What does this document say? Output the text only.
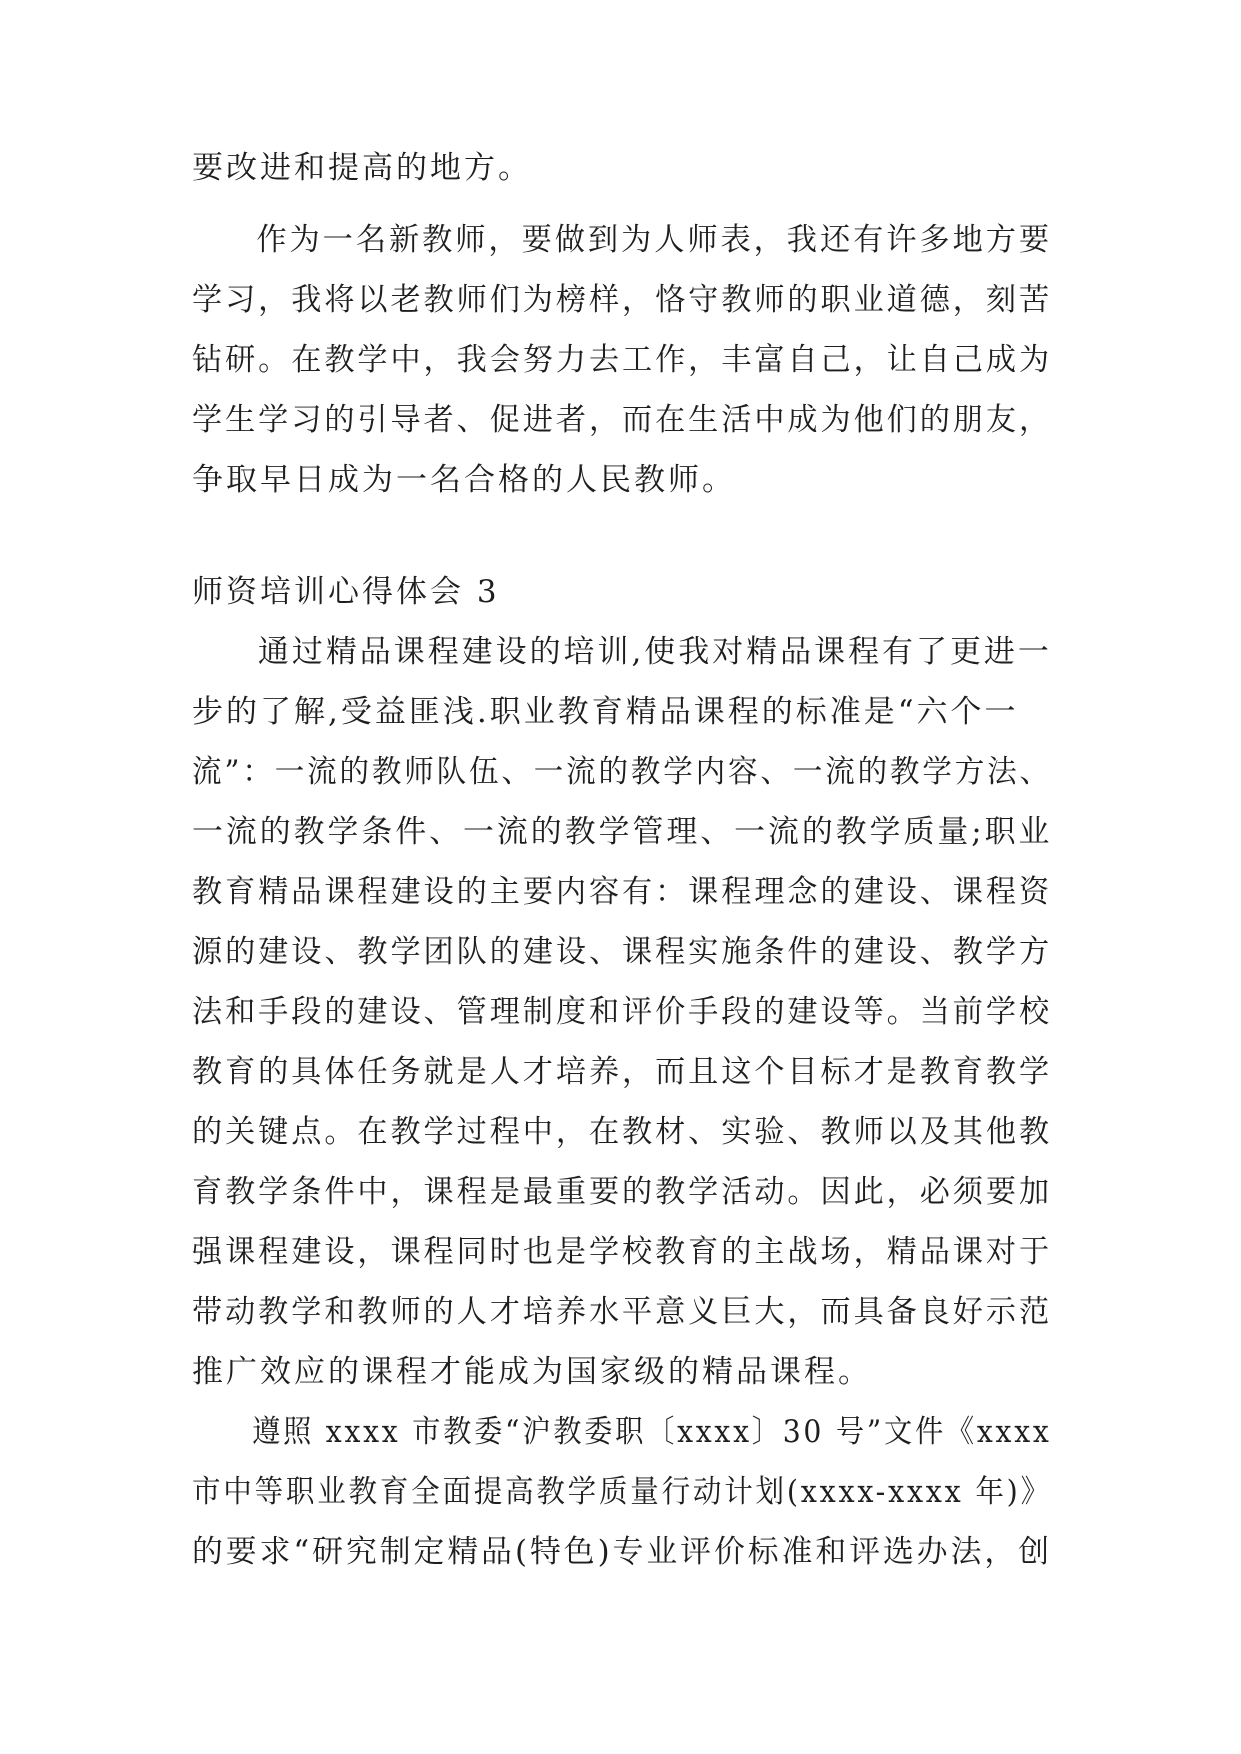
要改进和提高的地方。
作为一名新教师，要做到为人师表，我还有许多地方要
学习，我将以老教师们为榜样，恪守教师的职业道德，刻苦
钻研。在教学中，我会努力去工作，丰富自己，让自己成为
学生学习的引导者、促进者，而在生活中成为他们的朋友，
争取早日成为一名合格的人民教师。
师资培训心得体会 3
通过精品课程建设的培训,使我对精品课程有了更进一
步的了解,受益匪浅.职业教育精品课程的标准是“六个一
流”：一流的教师队伍、一流的教学内容、一流的教学方法、
一流的教学条件、一流的教学管理、一流的教学质量;职业
教育精品课程建设的主要内容有：课程理念的建设、课程资
源的建设、教学团队的建设、课程实施条件的建设、教学方
法和手段的建设、管理制度和评价手段的建设等。当前学校
教育的具体任务就是人才培养，而且这个目标才是教育教学
的关键点。在教学过程中，在教材、实验、教师以及其他教
育教学条件中，课程是最重要的教学活动。因此，必须要加
强课程建设，课程同时也是学校教育的主战场，精品课对于
带动教学和教师的人才培养水平意义巨大，而具备良好示范
推广效应的课程才能成为国家级的精品课程。
遵照 xxxx 市教委“沪教委职〔xxxx〕30 号”文件《xxxx
市中等职业教育全面提高教学质量行动计划(xxxx-xxxx 年)》
的要求“研究制定精品(特色)专业评价标准和评选办法，创
